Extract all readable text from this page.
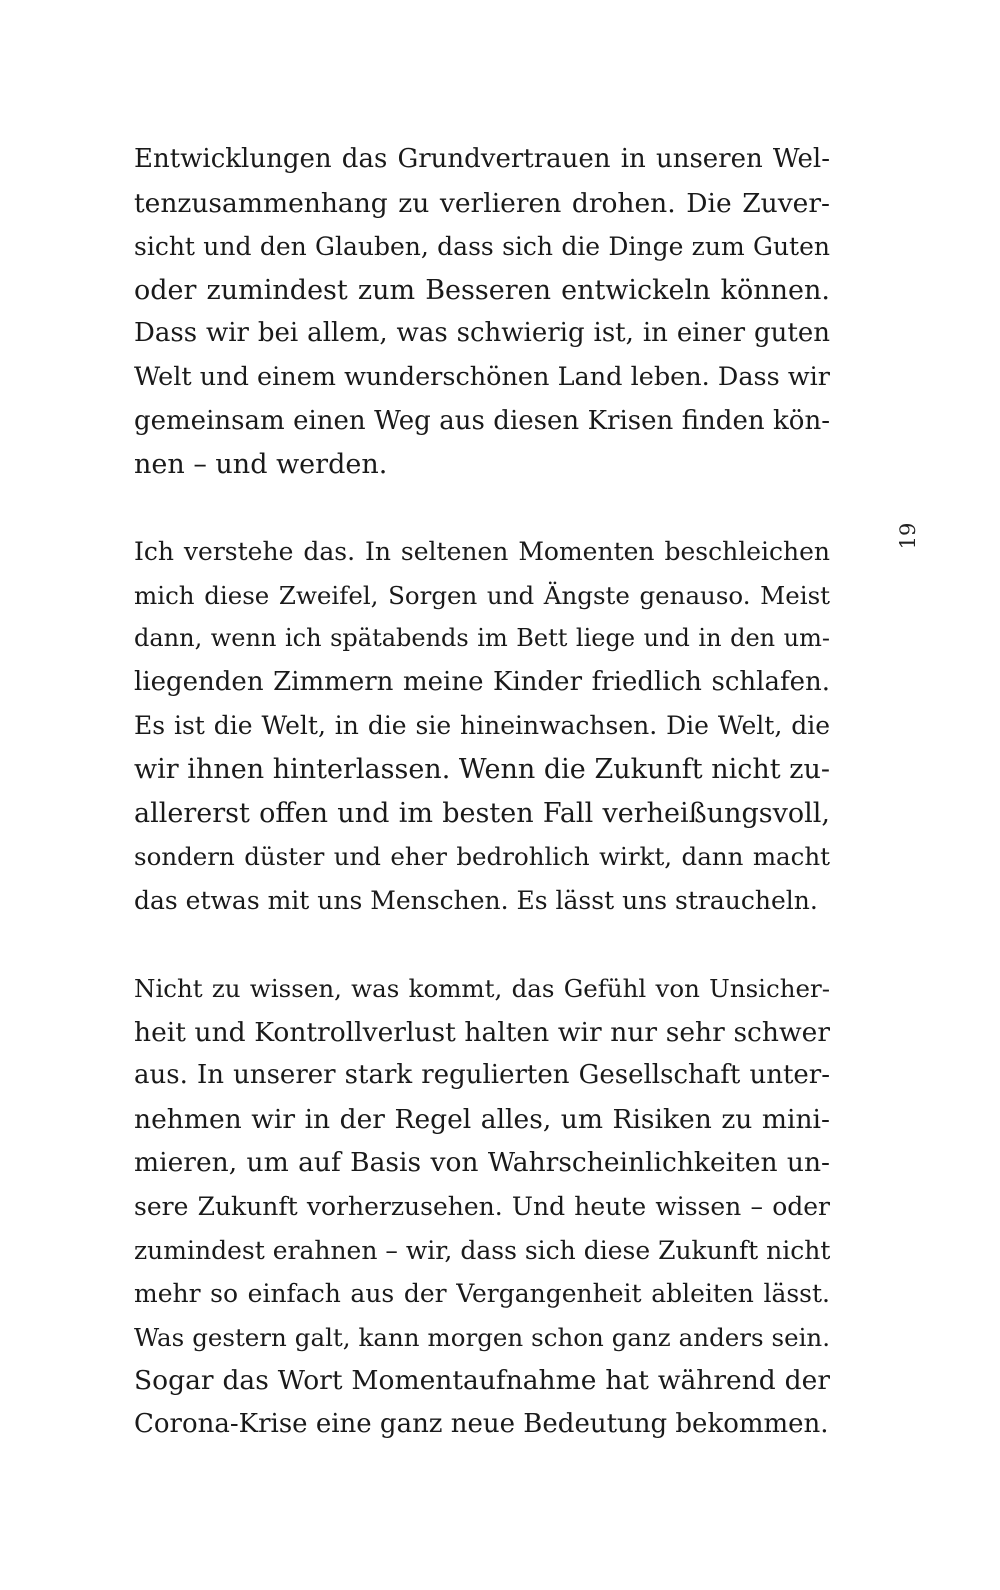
Entwicklungen das Grundvertrauen in unseren Wel-
tenzusammenhang zu verlieren drohen. Die Zuver-
sicht und den Glauben, dass sich die Dinge zum Guten
oder zumindest zum Besseren entwickeln können.
Dass wir bei allem, was schwierig ist, in einer guten
Welt und einem wunderschönen Land leben. Dass wir
gemeinsam einen Weg aus diesen Krisen finden kön-
nen – und werden.
Ich verstehe das. In seltenen Momenten beschleichen
mich diese Zweifel, Sorgen und Ängste genauso. Meist
dann, wenn ich spätabends im Bett liege und in den um-
liegenden Zimmern meine Kinder friedlich schlafen.
Es ist die Welt, in die sie hineinwachsen. Die Welt, die
wir ihnen hinterlassen. Wenn die Zukunft nicht zu-
allererst offen und im besten Fall verheißungsvoll,
sondern düster und eher bedrohlich wirkt, dann macht
das etwas mit uns Menschen. Es lässt uns straucheln.
Nicht zu wissen, was kommt, das Gefühl von Unsicher-
heit und Kontrollverlust halten wir nur sehr schwer
aus. In unserer stark regulierten Gesellschaft unter-
nehmen wir in der Regel alles, um Risiken zu mini-
mieren, um auf Basis von Wahrscheinlichkeiten un-
sere Zukunft vorherzusehen. Und heute wissen – oder
zumindest erahnen – wir, dass sich diese Zukunft nicht
mehr so einfach aus der Vergangenheit ableiten lässt.
Was gestern galt, kann morgen schon ganz anders sein.
Sogar das Wort Momentaufnahme hat während der
Corona-Krise eine ganz neue Bedeutung bekommen.
19
